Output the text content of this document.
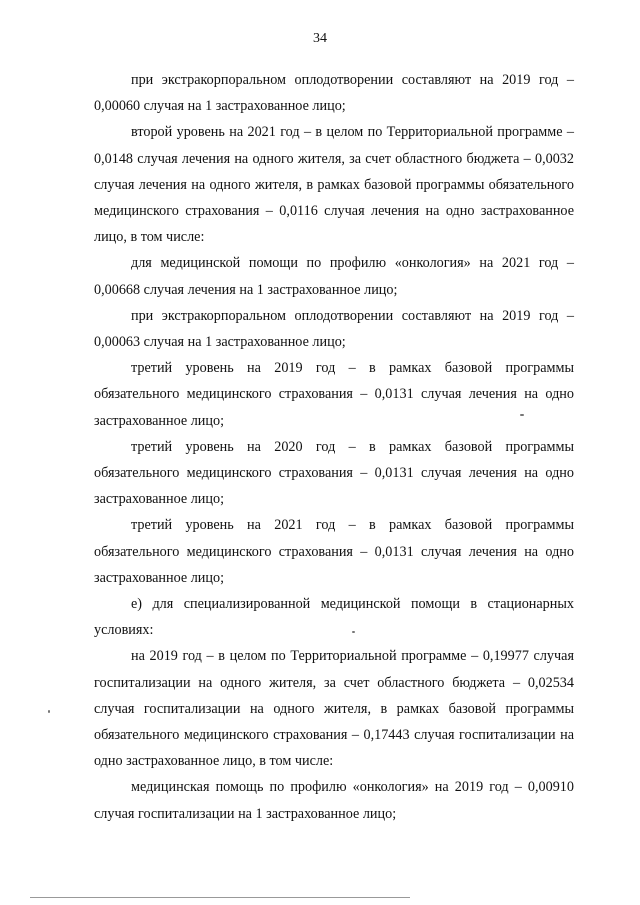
34

при экстракорпоральном оплодотворении составляют на 2019 год – 0,00060 случая на 1 застрахованное лицо;

второй уровень на 2021 год – в целом по Территориальной программе – 0,0148 случая лечения на одного жителя, за счет областного бюджета – 0,0032 случая лечения на одного жителя, в рамках базовой программы обязательного медицинского страхования – 0,0116 случая лечения на одно застрахованное лицо, в том числе:

для медицинской помощи по профилю «онкология» на 2021 год – 0,00668 случая лечения на 1 застрахованное лицо;

при экстракорпоральном оплодотворении составляют на 2019 год – 0,00063 случая на 1 застрахованное лицо;

третий уровень на 2019 год – в рамках базовой программы обязательного медицинского страхования – 0,0131 случая лечения на одно застрахованное лицо;

третий уровень на 2020 год – в рамках базовой программы обязательного медицинского страхования – 0,0131 случая лечения на одно застрахованное лицо;

третий уровень на 2021 год – в рамках базовой программы обязательного медицинского страхования – 0,0131 случая лечения на одно застрахованное лицо;

е) для специализированной медицинской помощи в стационарных условиях:

на 2019 год – в целом по Территориальной программе – 0,19977 случая госпитализации на одного жителя, за счет областного бюджета – 0,02534 случая госпитализации на одного жителя, в рамках базовой программы обязательного медицинского страхования – 0,17443 случая госпитализации на одно застрахованное лицо, в том числе:

медицинская помощь по профилю «онкология» на 2019 год – 0,00910 случая госпитализации на 1 застрахованное лицо;
